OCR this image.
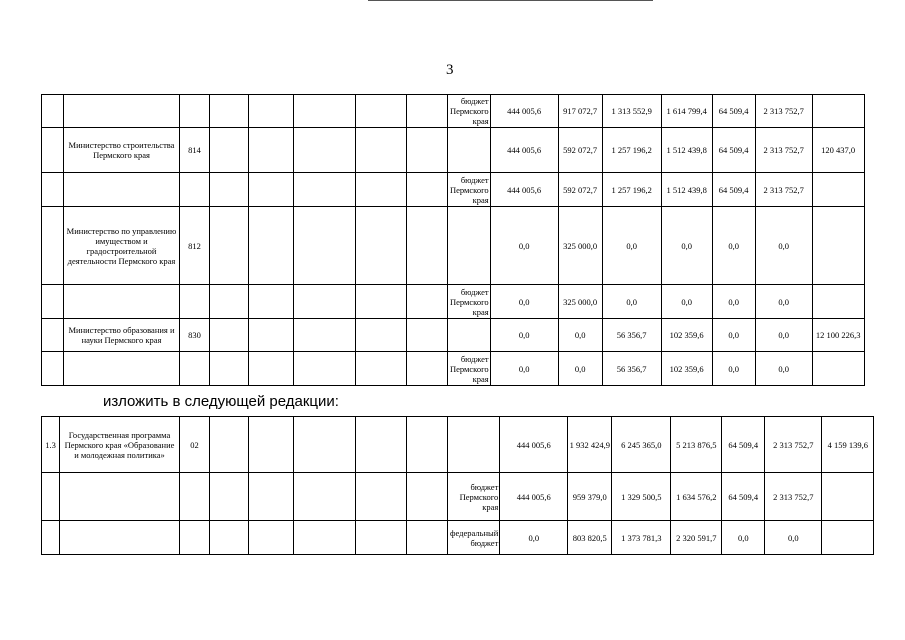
3
								бюджет Пермского края	444 005,6	917 072,7	1 313 552,9	1 614 799,4	64 509,4	2 313 752,7	
	Министерство строительства Пермского края	814							444 005,6	592 072,7	1 257 196,2	1 512 439,8	64 509,4	2 313 752,7	120 437,0
								бюджет Пермского края	444 005,6	592 072,7	1 257 196,2	1 512 439,8	64 509,4	2 313 752,7	
	Министерство по управлению имуществом и градостроительной деятельности Пермского края	812							0,0	325 000,0	0,0	0,0	0,0	0,0	
								бюджет Пермского края	0,0	325 000,0	0,0	0,0	0,0	0,0	
	Министерство образования и науки Пермского края	830							0,0	0,0	56 356,7	102 359,6	0,0	0,0	12 100 226,3
								бюджет Пермского края	0,0	0,0	56 356,7	102 359,6	0,0	0,0	
изложить в следующей редакции:
1.3	Государственная программа Пермского края «Образование и молодежная политика»	02							444 005,6	1 932 424,9	6 245 365,0	5 213 876,5	64 509,4	2 313 752,7	4 159 139,6
								бюджет Пермского края	444 005,6	959 379,0	1 329 500,5	1 634 576,2	64 509,4	2 313 752,7	
								федеральный бюджет	0,0	803 820,5	1 373 781,3	2 320 591,7	0,0	0,0	
